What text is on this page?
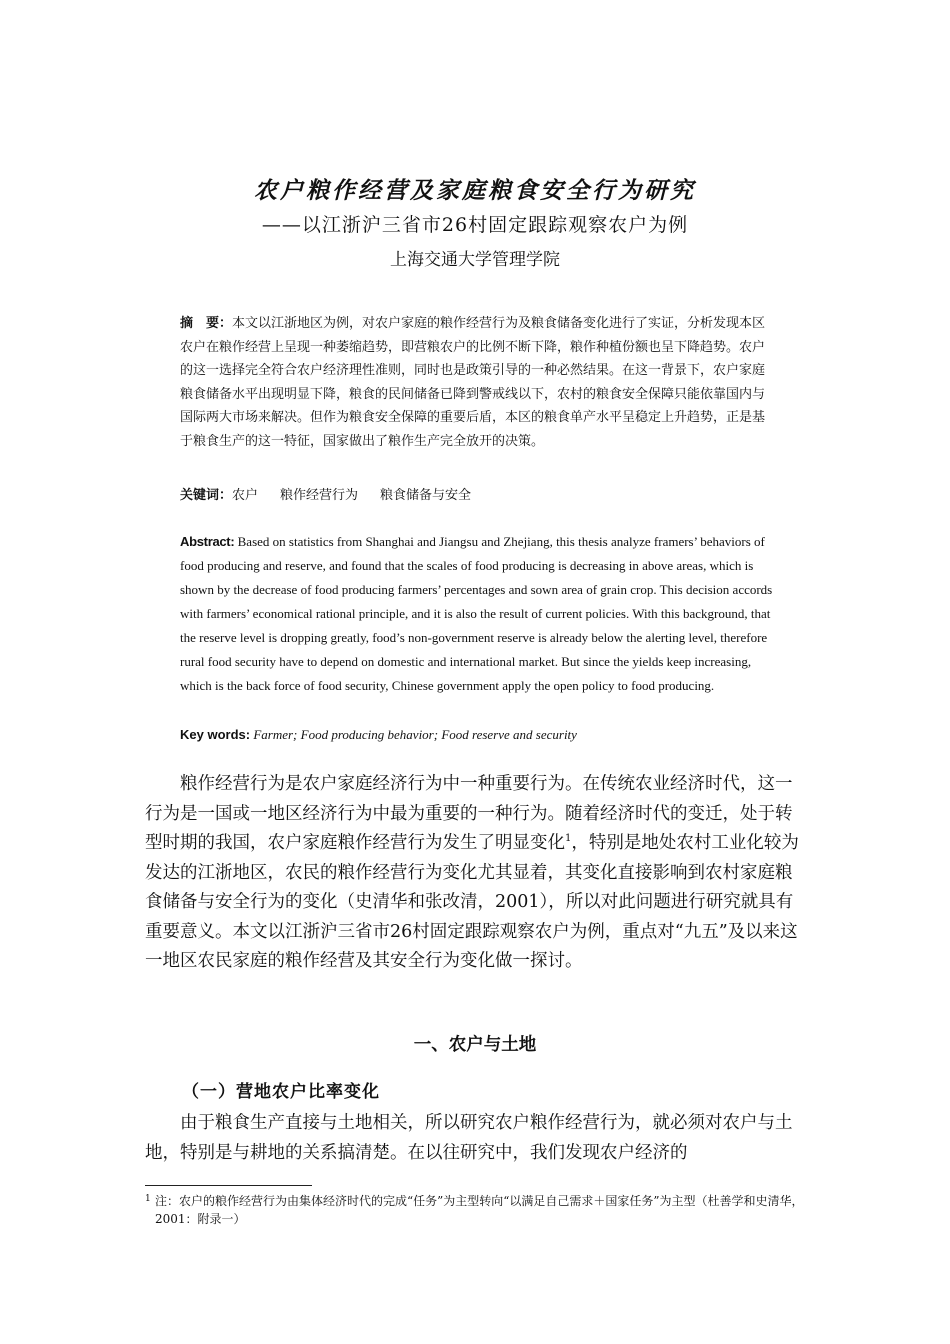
农户粮作经营及家庭粮食安全行为研究
——以江浙沪三省市26村固定跟踪观察农户为例
上海交通大学管理学院
摘　要：本文以江浙地区为例，对农户家庭的粮作经营行为及粮食储备变化进行了实证，分析发现本区农户在粮作经营上呈现一种萎缩趋势，即营粮农户的比例不断下降，粮作种植份额也呈下降趋势。农户的这一选择完全符合农户经济理性准则，同时也是政策引导的一种必然结果。在这一背景下，农户家庭粮食储备水平出现明显下降，粮食的民间储备已降到警戒线以下，农村的粮食安全保障只能依靠国内与国际两大市场来解决。但作为粮食安全保障的重要后盾，本区的粮食单产水平呈稳定上升趋势，正是基于粮食生产的这一特征，国家做出了粮作生产完全放开的决策。
关键词：农户 粮作经营行为 粮食储备与安全
Abstract: Based on statistics from Shanghai and Jiangsu and Zhejiang, this thesis analyze framers’ behaviors of food producing and reserve, and found that the scales of food producing is decreasing in above areas, which is shown by the decrease of food producing farmers’ percentages and sown area of grain crop. This decision accords with farmers’ economical rational principle, and it is also the result of current policies. With this background, that the reserve level is dropping greatly, food’s non-government reserve is already below the alerting level, therefore rural food security have to depend on domestic and international market. But since the yields keep increasing, which is the back force of food security, Chinese government apply the open policy to food producing.
Key words: Farmer; Food producing behavior; Food reserve and security
粮作经营行为是农户家庭经济行为中一种重要行为。在传统农业经济时代，这一行为是一国或一地区经济行为中最为重要的一种行为。随着经济时代的变迁，处于转型时期的我国，农户家庭粮作经营行为发生了明显变化$^1$，特别是地处农村工业化较为发达的江浙地区，农民的粮作经营行为变化尤其显着，其变化直接影响到农村家庭粮食储备与安全行为的变化（史清华和张改清，2001），所以对此问题进行研究就具有重要意义。本文以江浙沪三省市26村固定跟踪观察农户为例，重点对“九五”及以来这一地区农民家庭的粮作经营及其安全行为变化做一探讨。
一、农户与土地
（一）营地农户比率变化
由于粮食生产直接与土地相关，所以研究农户粮作经营行为，就必须对农户与土地，特别是与耕地的关系搞清楚。在以往研究中，我们发现农户经济的
1 注：农户的粮作经营行为由集体经济时代的完成“任务”为主型转向“以满足自己需求＋国家任务”为主型（杜善学和史清华，2001：附录一）
